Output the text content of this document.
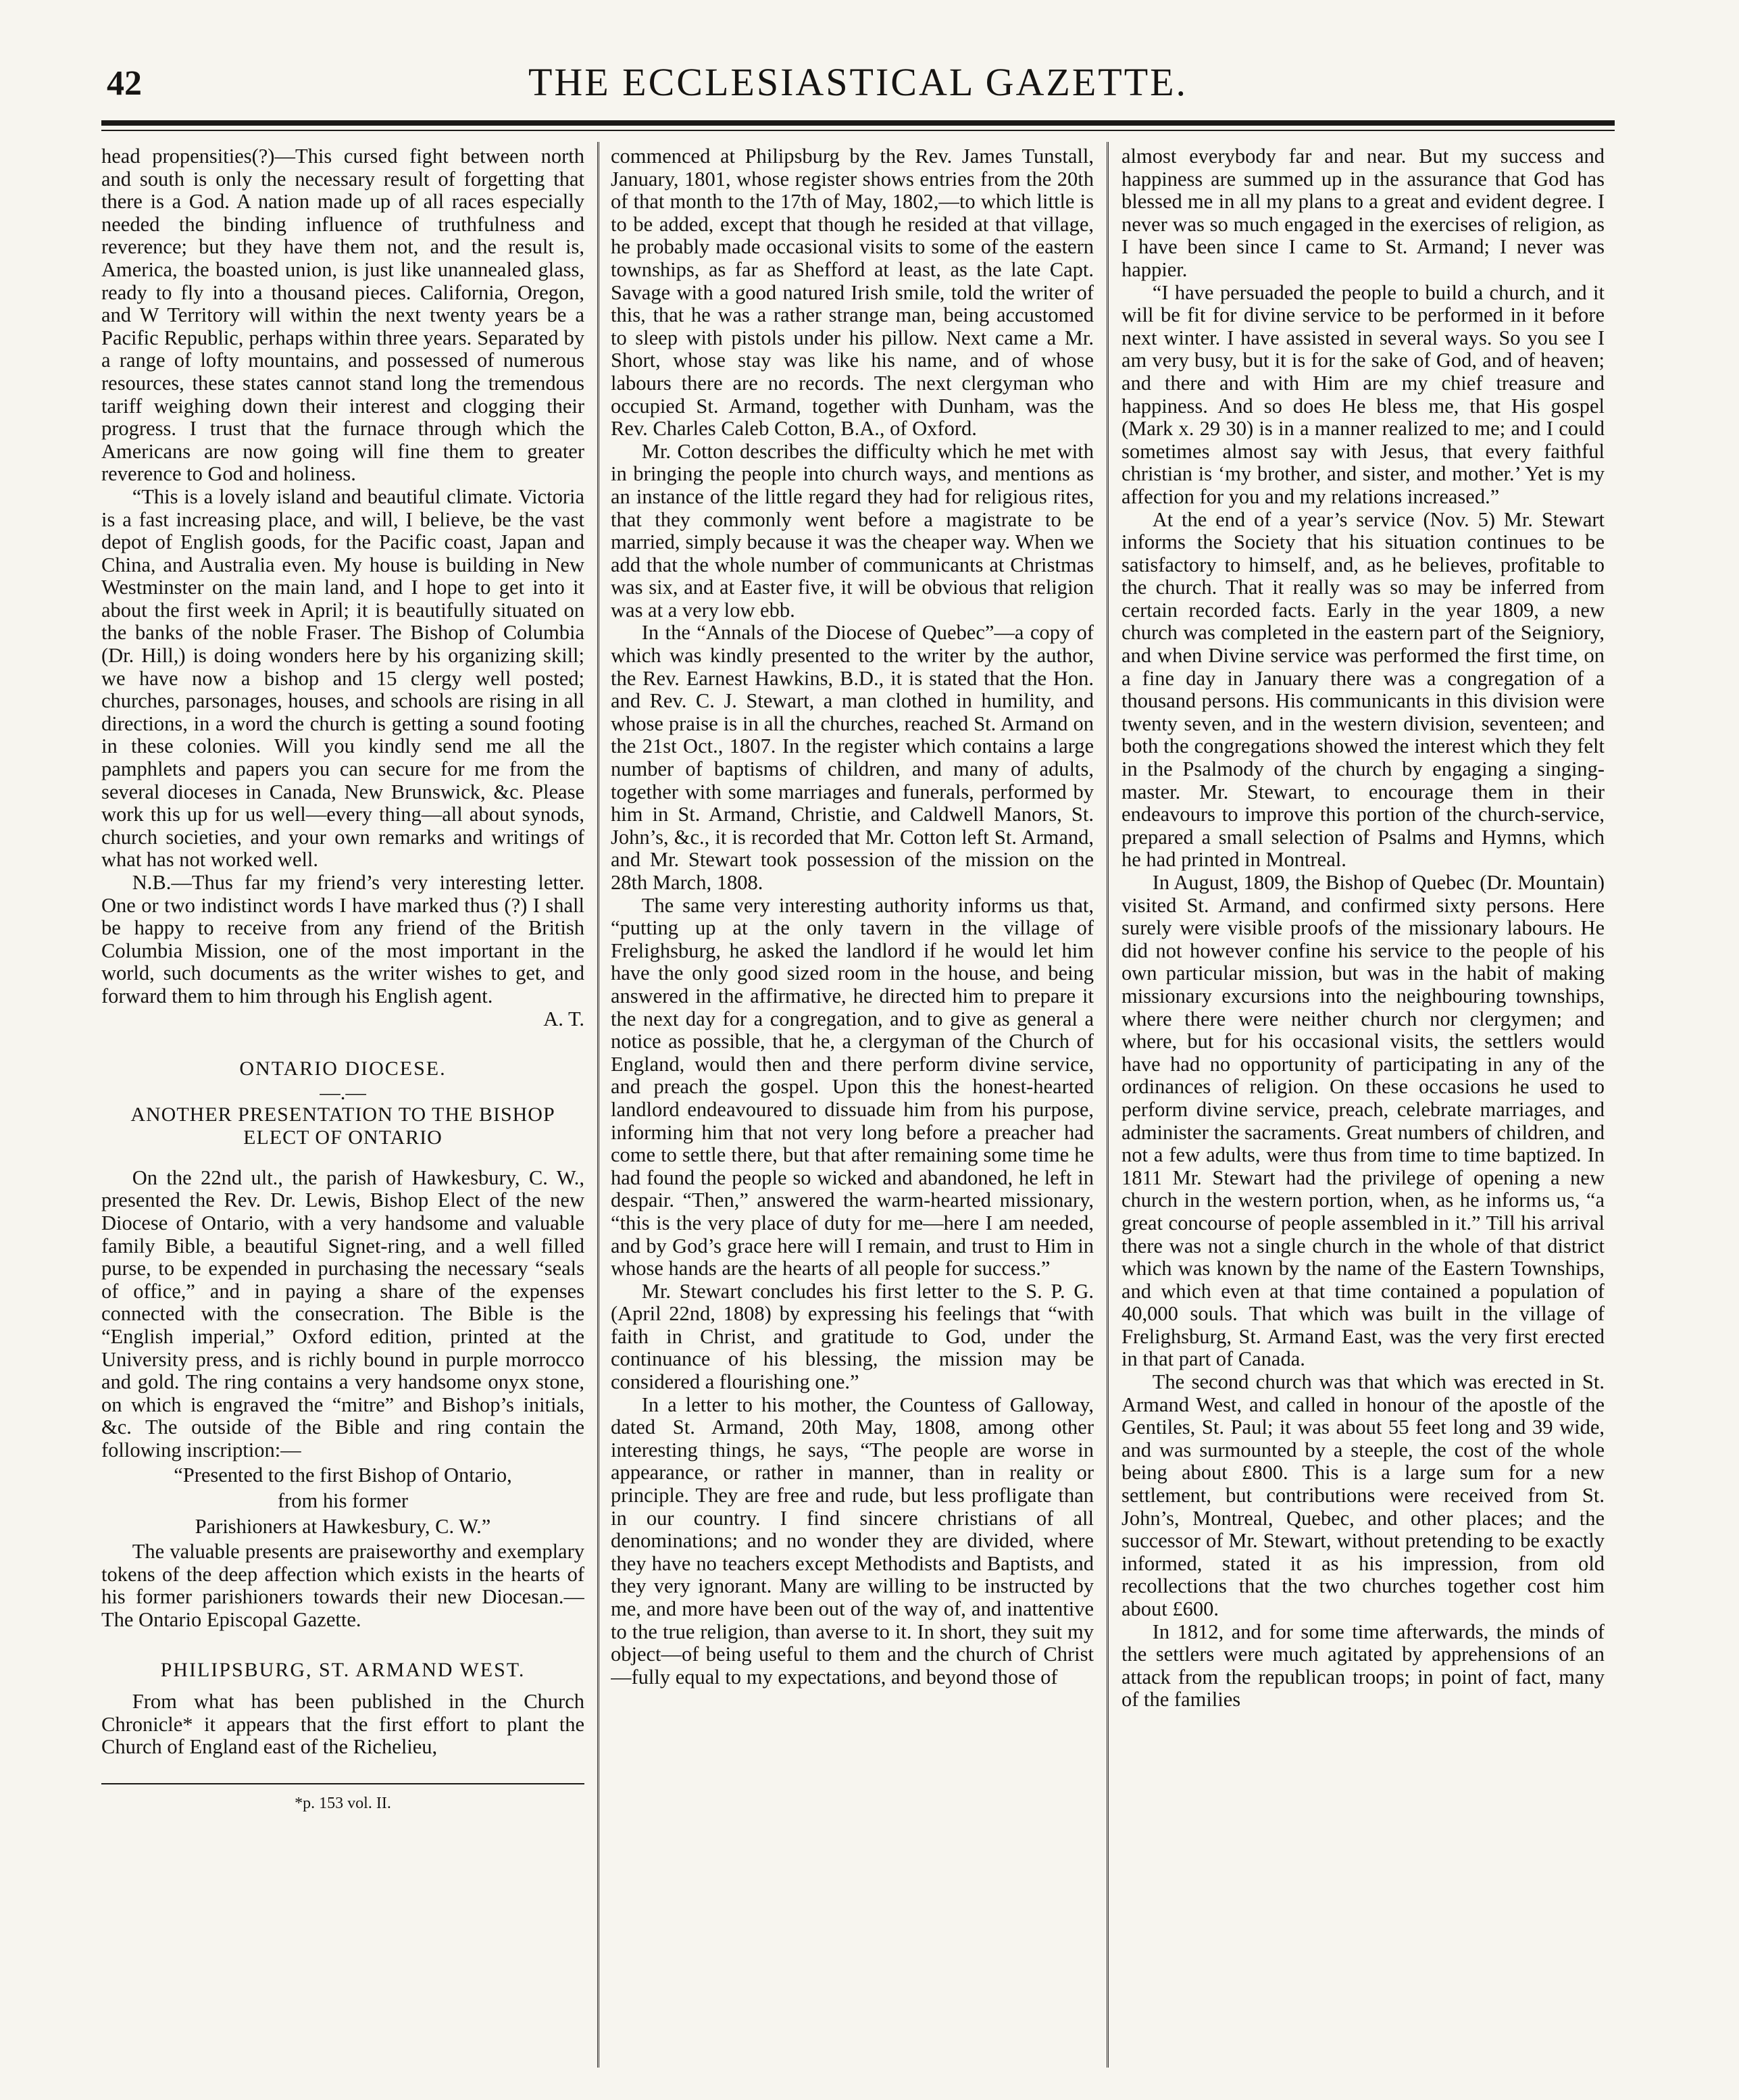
42	THE ECCLESIASTICAL GAZETTE.

head propensities(?)—This cursed fight between north and south is only the necessary result of forgetting that there is a God. A nation made up of all races especially needed the binding influence of truthfulness and reverence; but they have them not, and the result is, America, the boasted union, is just like unannealed glass, ready to fly into a thousand pieces. California, Oregon, and W Territory will within the next twenty years be a Pacific Republic, perhaps within three years. Separated by a range of lofty mountains, and possessed of numerous resources, these states cannot stand long the tremendous tariff weighing down their interest and clogging their progress. I trust that the furnace through which the Americans are now going will fine them to greater reverence to God and holiness.

“This is a lovely island and beautiful climate. Victoria is a fast increasing place, and will, I believe, be the vast depot of English goods, for the Pacific coast, Japan and China, and Australia even. My house is building in New Westminster on the main land, and I hope to get into it about the first week in April; it is beautifully situated on the banks of the noble Fraser. The Bishop of Columbia (Dr. Hill,) is doing wonders here by his organizing skill; we have now a bishop and 15 clergy well posted; churches, parsonages, houses, and schools are rising in all directions, in a word the church is getting a sound footing in these colonies. Will you kindly send me all the pamphlets and papers you can secure for me from the several dioceses in Canada, New Brunswick, &c. Please work this up for us well—every thing—all about synods, church societies, and your own remarks and writings of what has not worked well.

N.B.—Thus far my friend’s very interesting letter. One or two indistinct words I have marked thus (?) I shall be happy to receive from any friend of the British Columbia Mission, one of the most important in the world, such documents as the writer wishes to get, and forward them to him through his English agent.

A. T.
ONTARIO DIOCESE.
—.—
ANOTHER PRESENTATION TO THE BISHOP ELECT OF ONTARIO

On the 22nd ult., the parish of Hawkesbury, C. W., presented the Rev. Dr. Lewis, Bishop Elect of the new Diocese of Ontario, with a very handsome and valuable family Bible, a beautiful Signet-ring, and a well filled purse, to be expended in purchasing the necessary “seals of office,” and in paying a share of the expenses connected with the consecration. The Bible is the “English imperial,” Oxford edition, printed at the University press, and is richly bound in purple morrocco and gold. The ring contains a very handsome onyx stone, on which is engraved the “mitre” and Bishop’s initials, &c. The outside of the Bible and ring contain the following inscription:—

“Presented to the first Bishop of Ontario,
from his former
Parishioners at Hawkesbury, C. W.”

The valuable presents are praiseworthy and exemplary tokens of the deep affection which exists in the hearts of his former parishioners towards their new Diocesan.—The Ontario Episcopal Gazette.

PHILIPSBURG, ST. ARMAND WEST.

From what has been published in the Church Chronicle* it appears that the first effort to plant the Church of England east of the Richelieu,

*p. 153 vol. II.

commenced at Philipsburg by the Rev. James Tunstall, January, 1801, whose register shows entries from the 20th of that month to the 17th of May, 1802,—to which little is to be added, except that though he resided at that village, he probably made occasional visits to some of the eastern townships, as far as Shefford at least, as the late Capt. Savage with a good natured Irish smile, told the writer of this, that he was a rather strange man, being accustomed to sleep with pistols under his pillow. Next came a Mr. Short, whose stay was like his name, and of whose labours there are no records. The next clergyman who occupied St. Armand, together with Dunham, was the Rev. Charles Caleb Cotton, B.A., of Oxford.

Mr. Cotton describes the difficulty which he met with in bringing the people into church ways, and mentions as an instance of the little regard they had for religious rites, that they commonly went before a magistrate to be married, simply because it was the cheaper way. When we add that the whole number of communicants at Christmas was six, and at Easter five, it will be obvious that religion was at a very low ebb.

In the “Annals of the Diocese of Quebec”—a copy of which was kindly presented to the writer by the author, the Rev. Earnest Hawkins, B.D., it is stated that the Hon. and Rev. C. J. Stewart, a man clothed in humility, and whose praise is in all the churches, reached St. Armand on the 21st Oct., 1807. In the register which contains a large number of baptisms of children, and many of adults, together with some marriages and funerals, performed by him in St. Armand, Christie, and Caldwell Manors, St. John’s, &c., it is recorded that Mr. Cotton left St. Armand, and Mr. Stewart took possession of the mission on the 28th March, 1808.

The same very interesting authority informs us that, “putting up at the only tavern in the village of Frelighsburg, he asked the landlord if he would let him have the only good sized room in the house, and being answered in the affirmative, he directed him to prepare it the next day for a congregation, and to give as general a notice as possible, that he, a clergyman of the Church of England, would then and there perform divine service, and preach the gospel. Upon this the honest-hearted landlord endeavoured to dissuade him from his purpose, informing him that not very long before a preacher had come to settle there, but that after remaining some time he had found the people so wicked and abandoned, he left in despair. “Then,” answered the warm-hearted missionary, “this is the very place of duty for me—here I am needed, and by God’s grace here will I remain, and trust to Him in whose hands are the hearts of all people for success.”

Mr. Stewart concludes his first letter to the S. P. G. (April 22nd, 1808) by expressing his feelings that “with faith in Christ, and gratitude to God, under the continuance of his blessing, the mission may be considered a flourishing one.”

In a letter to his mother, the Countess of Galloway, dated St. Armand, 20th May, 1808, among other interesting things, he says, “The people are worse in appearance, or rather in manner, than in reality or principle. They are free and rude, but less profligate than in our country. I find sincere christians of all denominations; and no wonder they are divided, where they have no teachers except Methodists and Baptists, and they very ignorant. Many are willing to be instructed by me, and more have been out of the way of, and inattentive to the true religion, than averse to it. In short, they suit my object—of being useful to them and the church of Christ—fully equal to my expectations, and beyond those of

almost everybody far and near. But my success and happiness are summed up in the assurance that God has blessed me in all my plans to a great and evident degree. I never was so much engaged in the exercises of religion, as I have been since I came to St. Armand; I never was happier.

“I have persuaded the people to build a church, and it will be fit for divine service to be performed in it before next winter. I have assisted in several ways. So you see I am very busy, but it is for the sake of God, and of heaven; and there and with Him are my chief treasure and happiness. And so does He bless me, that His gospel (Mark x. 29 30) is in a manner realized to me; and I could sometimes almost say with Jesus, that every faithful christian is ‘my brother, and sister, and mother.’ Yet is my affection for you and my relations increased.”

At the end of a year’s service (Nov. 5) Mr. Stewart informs the Society that his situation continues to be satisfactory to himself, and, as he believes, profitable to the church. That it really was so may be inferred from certain recorded facts. Early in the year 1809, a new church was completed in the eastern part of the Seigniory, and when Divine service was performed the first time, on a fine day in January there was a congregation of a thousand persons. His communicants in this division were twenty seven, and in the western division, seventeen; and both the congregations showed the interest which they felt in the Psalmody of the church by engaging a singing-master. Mr. Stewart, to encourage them in their endeavours to improve this portion of the church-service, prepared a small selection of Psalms and Hymns, which he had printed in Montreal.

In August, 1809, the Bishop of Quebec (Dr. Mountain) visited St. Armand, and confirmed sixty persons. Here surely were visible proofs of the missionary labours. He did not however confine his service to the people of his own particular mission, but was in the habit of making missionary excursions into the neighbouring townships, where there were neither church nor clergymen; and where, but for his occasional visits, the settlers would have had no opportunity of participating in any of the ordinances of religion. On these occasions he used to perform divine service, preach, celebrate marriages, and administer the sacraments. Great numbers of children, and not a few adults, were thus from time to time baptized. In 1811 Mr. Stewart had the privilege of opening a new church in the western portion, when, as he informs us, “a great concourse of people assembled in it.” Till his arrival there was not a single church in the whole of that district which was known by the name of the Eastern Townships, and which even at that time contained a population of 40,000 souls. That which was built in the village of Frelighsburg, St. Armand East, was the very first erected in that part of Canada.

The second church was that which was erected in St. Armand West, and called in honour of the apostle of the Gentiles, St. Paul; it was about 55 feet long and 39 wide, and was surmounted by a steeple, the cost of the whole being about £800. This is a large sum for a new settlement, but contributions were received from St. John’s, Montreal, Quebec, and other places; and the successor of Mr. Stewart, without pretending to be exactly informed, stated it as his impression, from old recollections that the two churches together cost him about £600.

In 1812, and for some time afterwards, the minds of the settlers were much agitated by apprehensions of an attack from the republican troops; in point of fact, many of the families
